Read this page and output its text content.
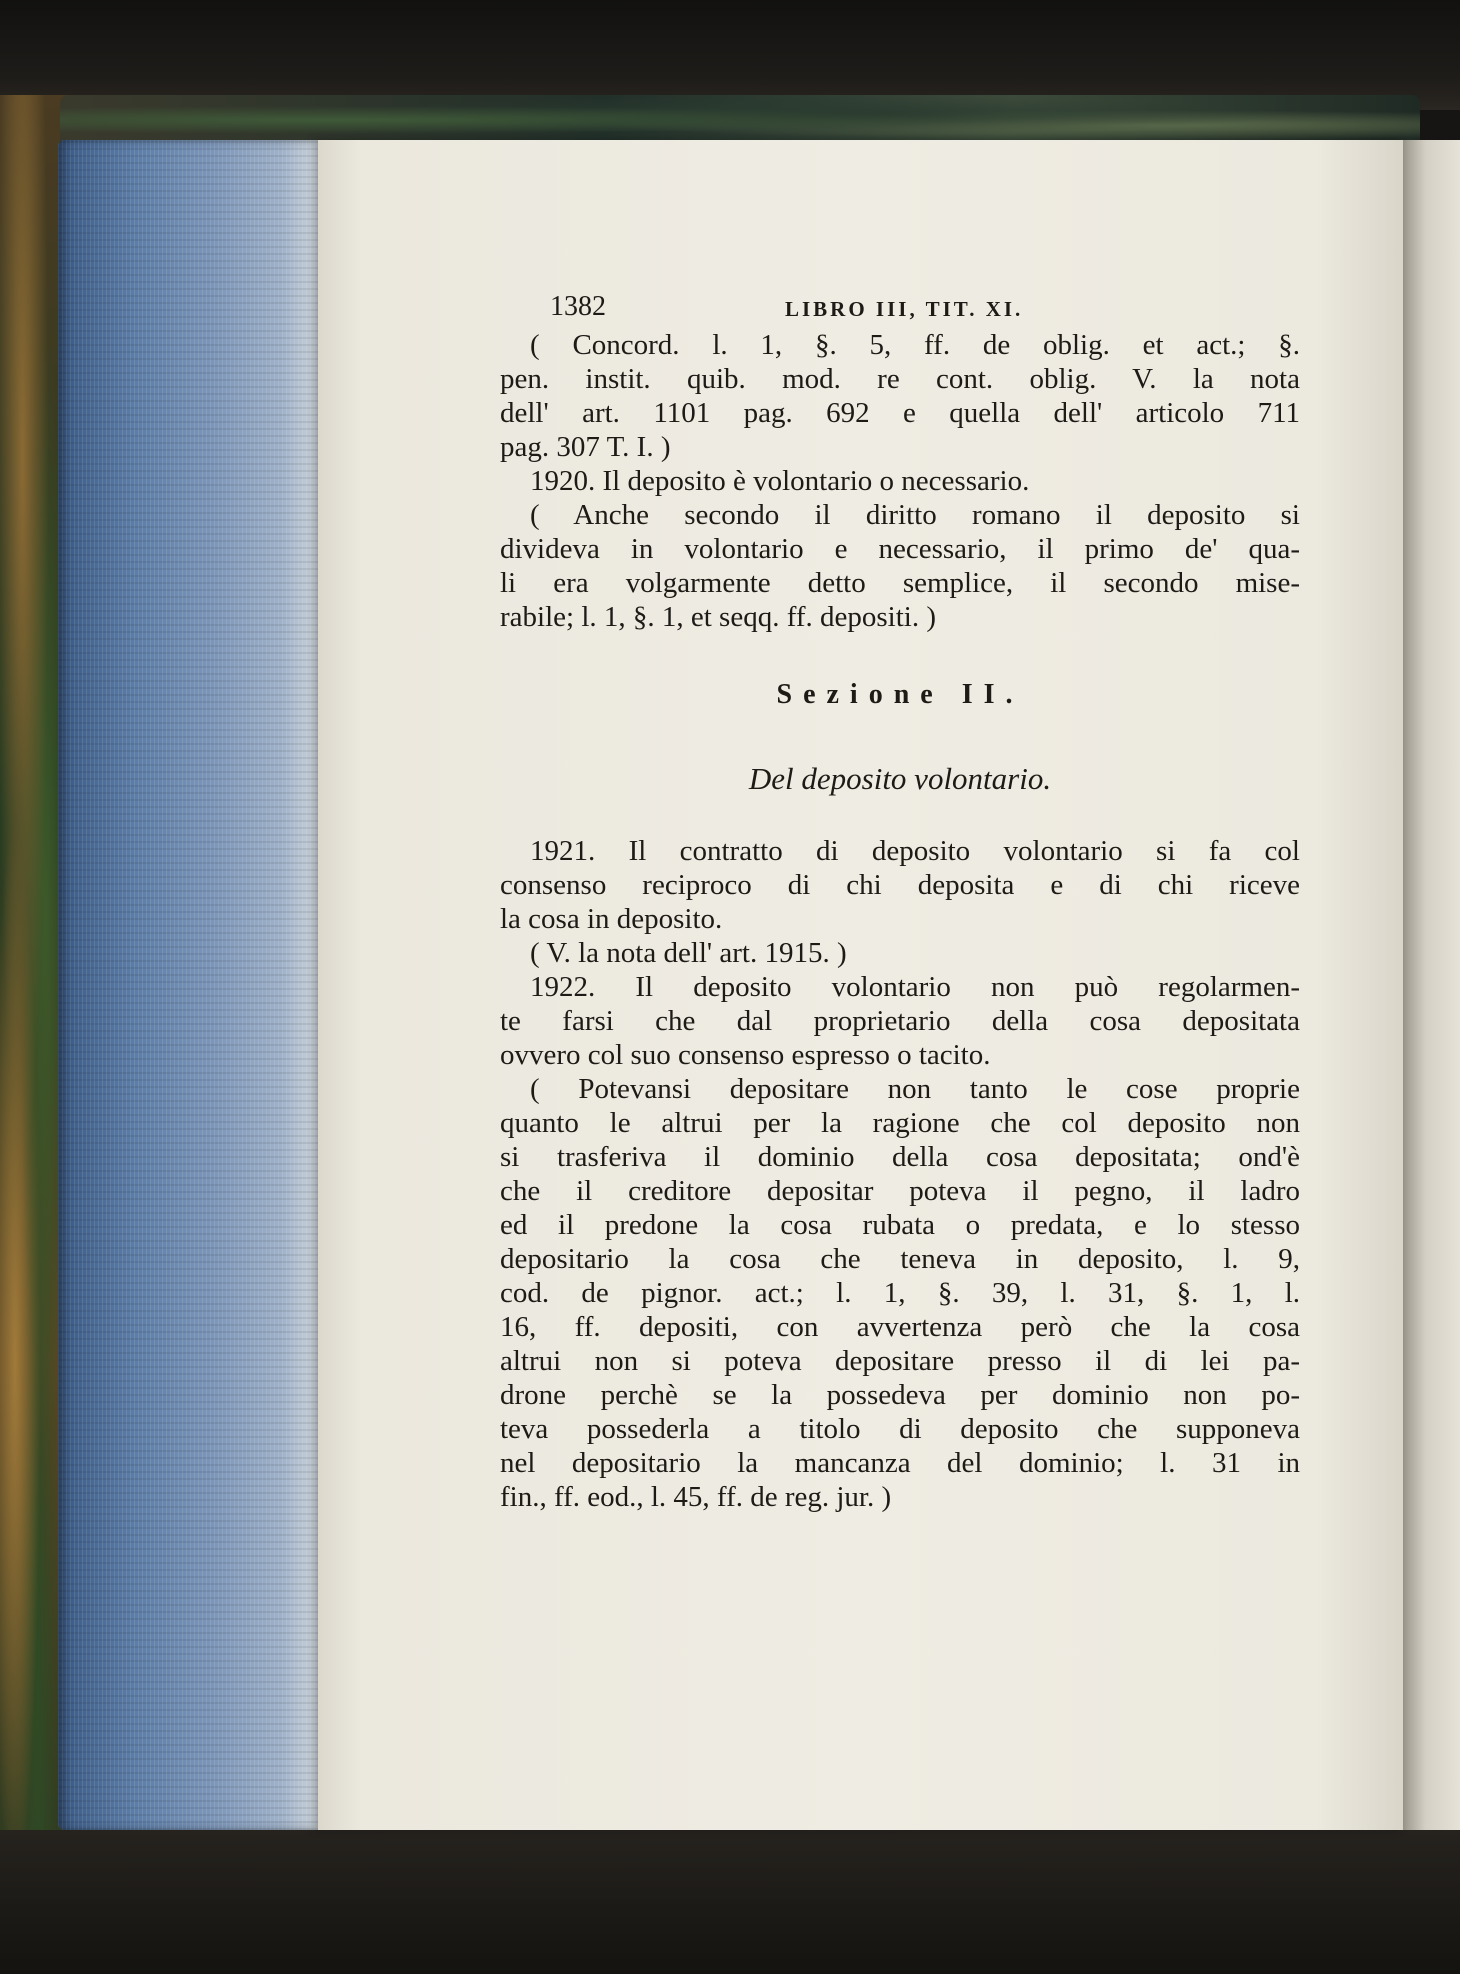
1382	LIBRO III, TIT. XI.
( Concord. l. 1, §. 5, ff. de oblig. et act.; §.
pen. instit. quib. mod. re cont. oblig. V. la nota
dell' art. 1101 pag. 692 e quella dell' articolo 711
pag. 307 T. I. )
1920. Il deposito è volontario o necessario.
( Anche secondo il diritto romano il deposito si
divideva in volontario e necessario, il primo de' qua-
li era volgarmente detto semplice, il secondo mise-
rabile; l. 1, §. 1, et seqq. ff. depositi. )
Sezione II.
Del deposito volontario.
1921. Il contratto di deposito volontario si fa col
consenso reciproco di chi deposita e di chi riceve
la cosa in deposito.
( V. la nota dell' art. 1915. )
1922. Il deposito volontario non può regolarmen-
te farsi che dal proprietario della cosa depositata
ovvero col suo consenso espresso o tacito.
( Potevansi depositare non tanto le cose proprie
quanto le altrui per la ragione che col deposito non
si trasferiva il dominio della cosa depositata; ond'è
che il creditore depositar poteva il pegno, il ladro
ed il predone la cosa rubata o predata, e lo stesso
depositario la cosa che teneva in deposito, l. 9,
cod. de pignor. act.; l. 1, §. 39, l. 31, §. 1, l.
16, ff. depositi, con avvertenza però che la cosa
altrui non si poteva depositare presso il di lei pa-
drone perchè se la possedeva per dominio non po-
teva possederla a titolo di deposito che supponeva
nel depositario la mancanza del dominio; l. 31 in
fin., ff. eod., l. 45, ff. de reg. jur. )
